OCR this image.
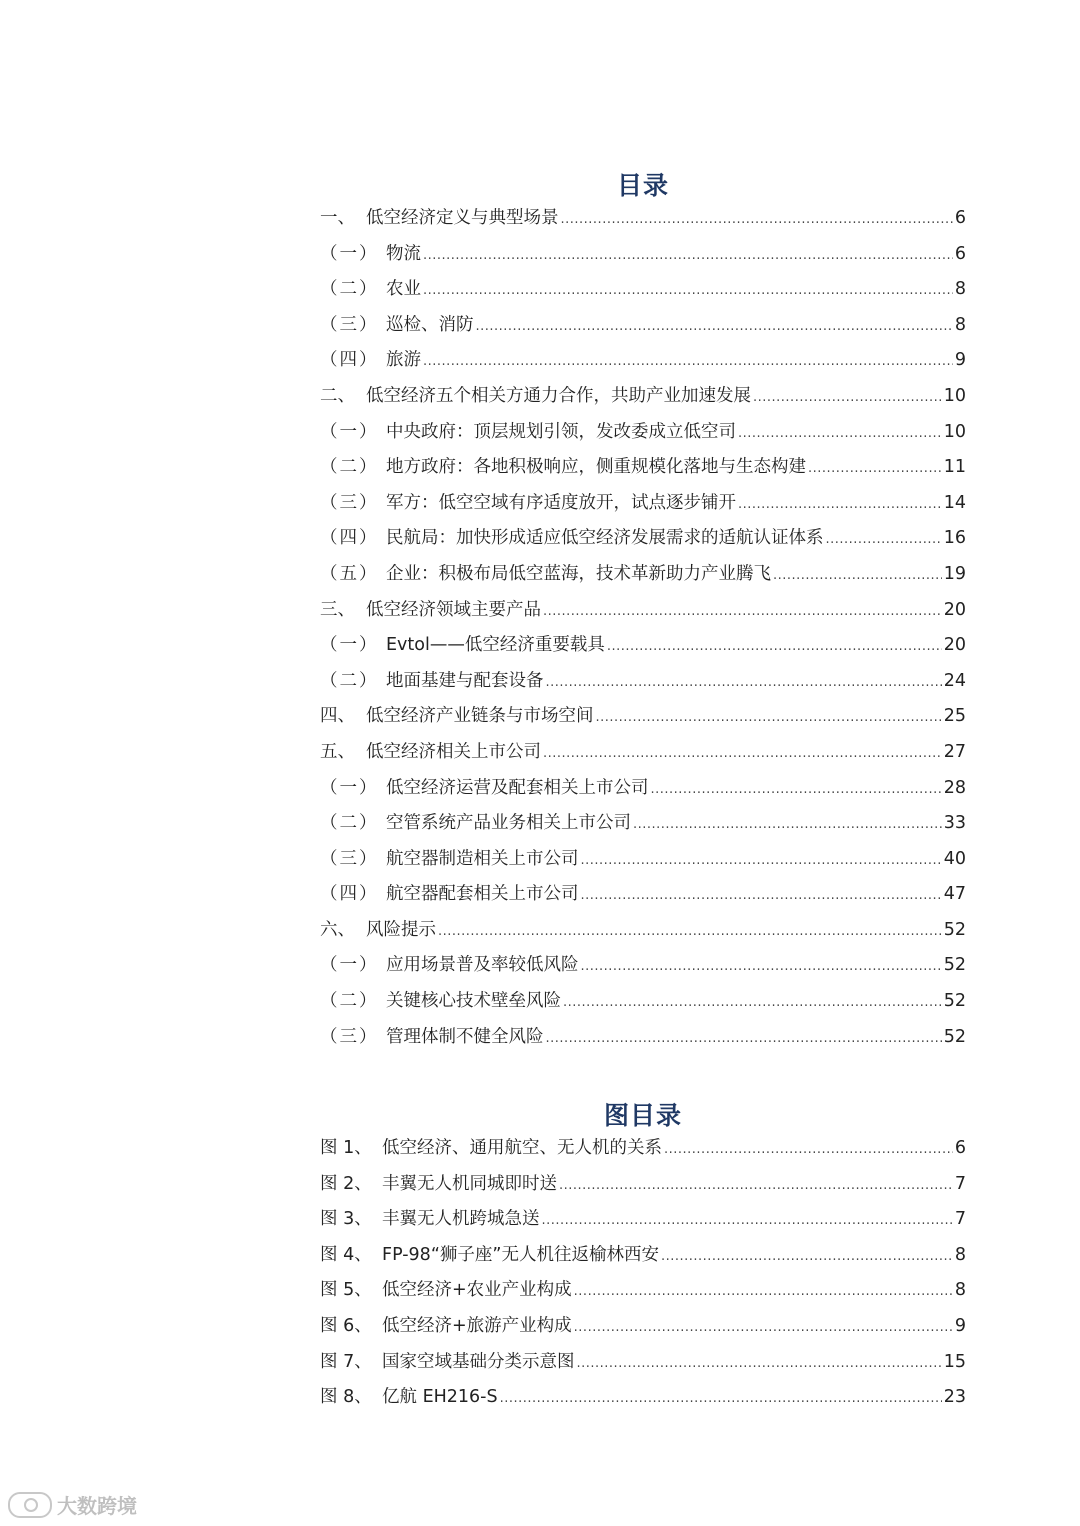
目录
一、 低空经济定义与典型场景 .....	6
（一） 物流 .....	6
（二） 农业 .....	8
（三） 巡检、消防 .....	8
（四） 旅游 .....	9
二、 低空经济五个相关方通力合作，共助产业加速发展 .....	10
（一） 中央政府：顶层规划引领，发改委成立低空司 .....	10
（二） 地方政府：各地积极响应，侧重规模化落地与生态构建 .....	11
（三） 军方：低空空域有序适度放开，试点逐步铺开 .....	14
（四） 民航局：加快形成适应低空经济发展需求的适航认证体系 .....	16
（五） 企业：积极布局低空蓝海，技术革新助力产业腾飞 .....	19
三、 低空经济领域主要产品 .....	20
（一） Evtol——低空经济重要载具 .....	20
（二） 地面基建与配套设备 .....	24
四、 低空经济产业链条与市场空间 .....	25
五、 低空经济相关上市公司 .....	27
（一） 低空经济运营及配套相关上市公司 .....	28
（二） 空管系统产品业务相关上市公司 .....	33
（三） 航空器制造相关上市公司 .....	40
（四） 航空器配套相关上市公司 .....	47
六、 风险提示 .....	52
（一） 应用场景普及率较低风险 .....	52
（二） 关键核心技术壁垒风险 .....	52
（三） 管理体制不健全风险 .....	52
图目录
图 1、 低空经济、通用航空、无人机的关系 .....	6
图 2、 丰翼无人机同城即时送 .....	7
图 3、 丰翼无人机跨城急送 .....	7
图 4、 FP-98“狮子座”无人机往返榆林西安 .....	8
图 5、 低空经济+农业产业构成 .....	8
图 6、 低空经济+旅游产业构成 .....	9
图 7、 国家空域基础分类示意图 .....	15
图 8、 亿航 EH216-S .....	23
大数跨境
